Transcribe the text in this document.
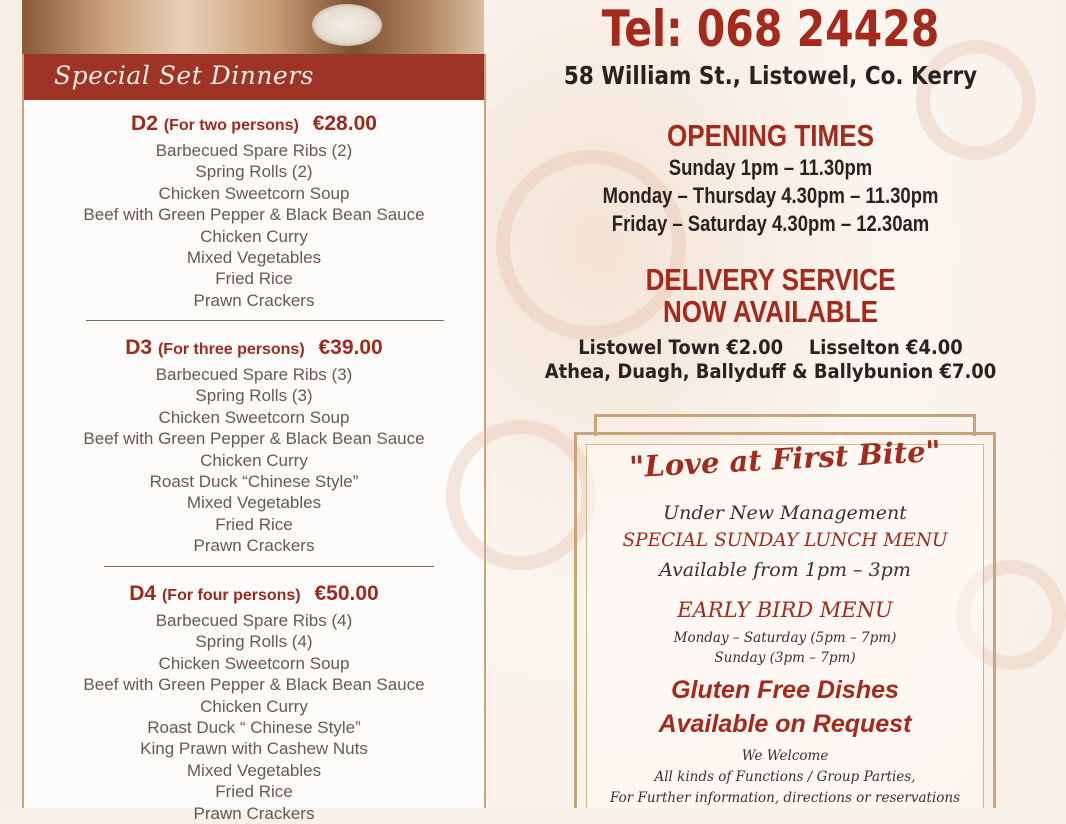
Special Set Dinners
D2 (For two persons) €28.00
Barbecued Spare Ribs (2)
Spring Rolls (2)
Chicken Sweetcorn Soup
Beef with Green Pepper & Black Bean Sauce
Chicken Curry
Mixed Vegetables
Fried Rice
Prawn Crackers
D3 (For three persons) €39.00
Barbecued Spare Ribs (3)
Spring Rolls (3)
Chicken Sweetcorn Soup
Beef with Green Pepper & Black Bean Sauce
Chicken Curry
Roast Duck “Chinese Style”
Mixed Vegetables
Fried Rice
Prawn Crackers
D4 (For four persons) €50.00
Barbecued Spare Ribs (4)
Spring Rolls (4)
Chicken Sweetcorn Soup
Beef with Green Pepper & Black Bean Sauce
Chicken Curry
Roast Duck “ Chinese Style”
King Prawn with Cashew Nuts
Mixed Vegetables
Fried Rice
Prawn Crackers
Tel: 068 24428
58 William St., Listowel, Co. Kerry
OPENING TIMES
Sunday 1pm – 11.30pm
Monday – Thursday 4.30pm – 11.30pm
Friday – Saturday 4.30pm – 12.30am
DELIVERY SERVICE
NOW AVAILABLE
Listowel Town €2.00 Lisselton €4.00
Athea, Duagh, Ballyduff & Ballybunion €7.00
"Love at First Bite"
Under New Management
SPECIAL SUNDAY LUNCH MENU
Available from 1pm – 3pm
EARLY BIRD MENU
Monday – Saturday (5pm – 7pm)
Sunday (3pm – 7pm)
Gluten Free Dishes
Available on Request
We Welcome
All kinds of Functions / Group Parties,
For Further information, directions or reservations
